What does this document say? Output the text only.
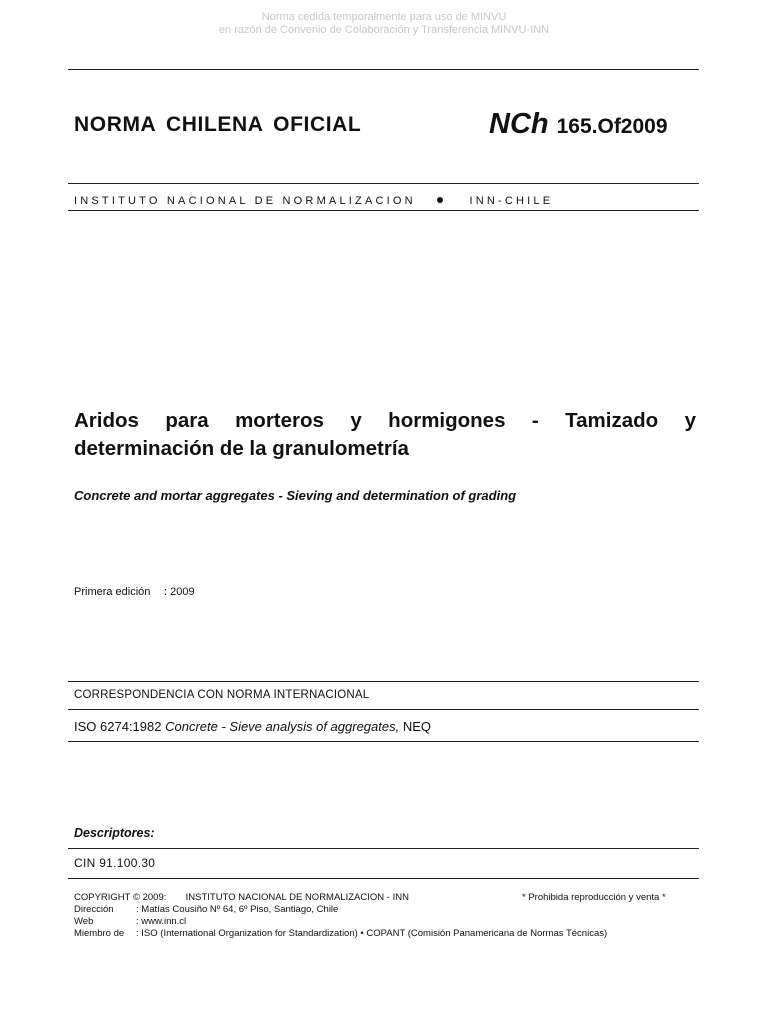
Norma cedida temporalmente para uso de MINVU
en razón de Convenio de Colaboración y Transferencia MINVU-INN
NORMA CHILENA OFICIAL	NCh 165.Of2009
INSTITUTO NACIONAL DE NORMALIZACION ● INN-CHILE
Aridos para morteros y hormigones - Tamizado y determinación de la granulometría
Concrete and mortar aggregates - Sieving and determination of grading
Primera edición : 2009
CORRESPONDENCIA CON NORMA INTERNACIONAL
ISO 6274:1982 Concrete - Sieve analysis of aggregates, NEQ
Descriptores:
CIN 91.100.30
COPYRIGHT © 2009: INSTITUTO NACIONAL DE NORMALIZACION - INN	* Prohibida reproducción y venta *
Dirección : Matías Cousiño Nº 64, 6º Piso, Santiago, Chile
Web	: www.inn.cl
Miembro de : ISO (International Organization for Standardization) • COPANT (Comisión Panamericana de Normas Técnicas)
